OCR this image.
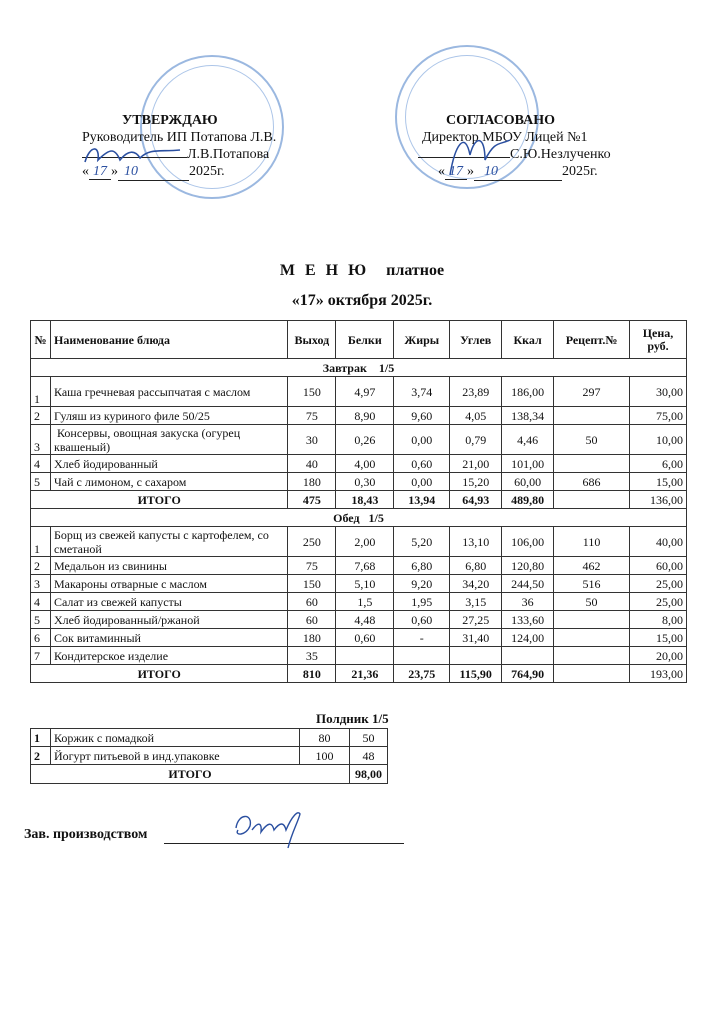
УТВЕРЖДАЮ
Руководитель ИП Потапова Л.В.
Л.В.Потапова
« 17 » 10	2025г.
СОГЛАСОВАНО
Директор МБОУ Лицей №1
С.Ю.Незлученко
« 17 » 10	2025г.
М Е Н Ю  платное
«17» октября 2025г.
№	Наименование блюда	Выход	Белки	Жиры	Углев	Ккал	Рецепт.№	Цена, руб.
Завтрак    1/5								
1	Каша гречневая рассыпчатая с маслом	150	4,97	3,74	23,89	186,00	297	30,00
2	Гуляш из куриного филе 50/25	75	8,90	9,60	4,05	138,34		75,00
3	Консервы, овощная закуска (огурец квашеный)	30	0,26	0,00	0,79	4,46	50	10,00
4	Хлеб йодированный	40	4,00	0,60	21,00	101,00		6,00
5	Чай с лимоном, с сахаром	180	0,30	0,00	15,20	60,00	686	15,00
ИТОГО		475	18,43	13,94	64,93	489,80		136,00
Обед   1/5								
1	Борщ из свежей капусты с картофелем, со сметаной	250	2,00	5,20	13,10	106,00	110	40,00
2	Медальон из свинины	75	7,68	6,80	6,80	120,80	462	60,00
3	Макароны отварные с маслом	150	5,10	9,20	34,20	244,50	516	25,00
4	Салат из свежей капусты	60	1,5	1,95	3,15	36	50	25,00
5	Хлеб йодированный/ржаной	60	4,48	0,60	27,25	133,60		8,00
6	Сок витаминный	180	0,60	-	31,40	124,00		15,00
7	Кондитерское изделие	35						20,00
ИТОГО		810	21,36	23,75	115,90	764,90		193,00
Полдник 1/5
1	Коржик с помадкой	80	50
2	Йогурт питьевой в инд.упаковке	100	48
ИТОГО			98,00
Зав. производством
